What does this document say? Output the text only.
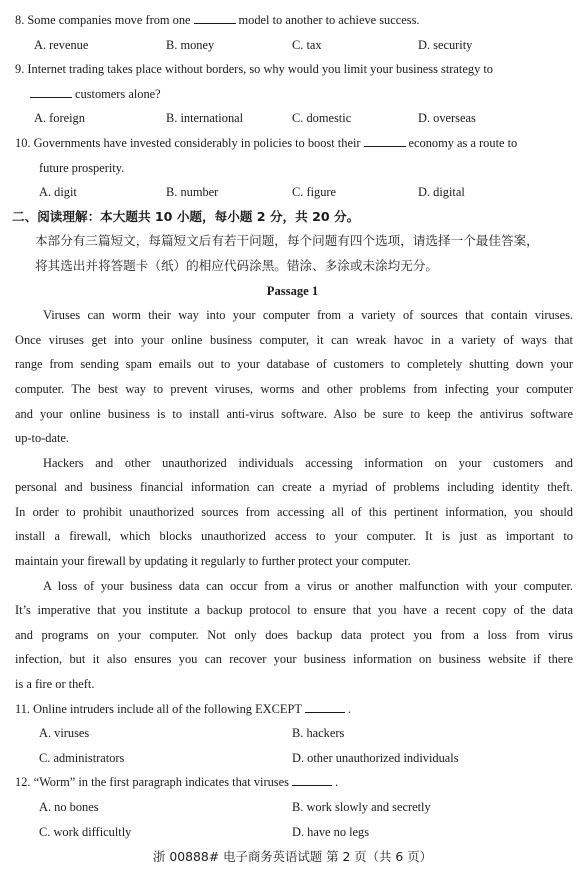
8. Some companies move from one	model to another to achieve success.
A. revenue	B. money	C. tax	D. security
9. Internet trading takes place without borders, so why would you limit your business strategy to
customers alone?
A. foreign	B. international	C. domestic	D. overseas
10. Governments have invested considerably in policies to boost their	economy as a route to
future prosperity.
A. digit	B. number	C. figure	D. digital
二、阅读理解：本大题共 10 小题，每小题 2 分，共 20 分。
本部分有三篇短文，每篇短文后有若干问题，每个问题有四个选项，请选择一个最佳答案，
将其选出并将答题卡（纸）的相应代码涂黑。错涂、多涂或未涂均无分。
Passage 1
Viruses can worm their way into your computer from a variety of sources that contain viruses.
Once viruses get into your online business computer, it can wreak havoc in a variety of ways that
range from sending spam emails out to your database of customers to completely shutting down your
computer. The best way to prevent viruses, worms and other problems from infecting your computer
and your online business is to install anti-virus software. Also be sure to keep the antivirus software
up-to-date.
Hackers and other unauthorized individuals accessing information on your customers and
personal and business financial information can create a myriad of problems including identity theft.
In order to prohibit unauthorized sources from accessing all of this pertinent information, you should
install a firewall, which blocks unauthorized access to your computer. It is just as important to
maintain your firewall by updating it regularly to further protect your computer.
A loss of your business data can occur from a virus or another malfunction with your computer.
It’s imperative that you institute a backup protocol to ensure that you have a recent copy of the data
and programs on your computer. Not only does backup data protect you from a loss from virus
infection, but it also ensures you can recover your business information on business website if there
is a fire or theft.
11. Online intruders include all of the following EXCEPT	.
A. viruses	B. hackers
C. administrators	D. other unauthorized individuals
12. “Worm” in the first paragraph indicates that viruses	.
A. no bones	B. work slowly and secretly
C. work difficultly	D. have no legs
浙 00888# 电子商务英语试题 第 2 页（共 6 页）
